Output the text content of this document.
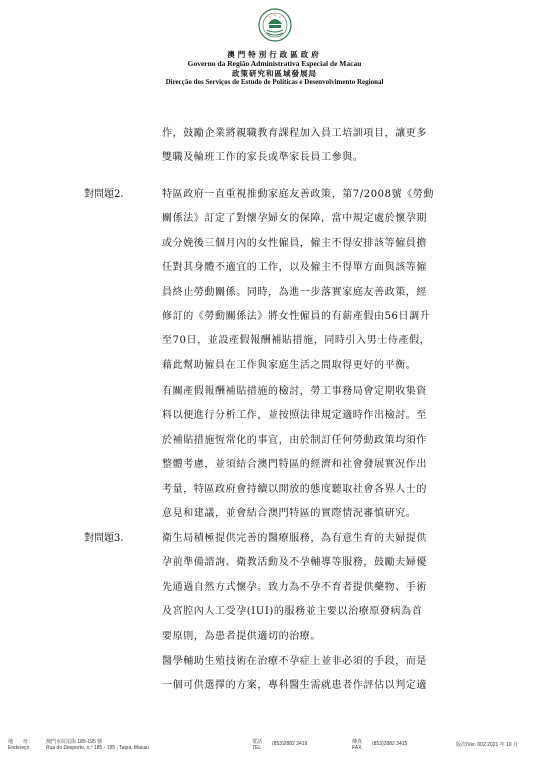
澳門特別行政區政府
Governo da Região Administrativa Especial de Macau
政策研究和區域發展局
Direcção dos Serviços de Estudo de Políticas e Desenvolvimento Regional
作，鼓勵企業將親職教育課程加入員工培訓項目，讓更多
雙職及輪班工作的家長或準家長員工參與。
對問題2.	特區政府一直重視推動家庭友善政策，第7/2008號《勞動
關係法》訂定了對懷孕婦女的保障，當中規定處於懷孕期
或分娩後三個月內的女性僱員，僱主不得安排該等僱員擔
任對其身體不適宜的工作，以及僱主不得單方面與該等僱
員終止勞動關係。同時，為進一步落實家庭友善政策，經
修訂的《勞動關係法》將女性僱員的有薪產假由56日調升
至70日，並設產假報酬補貼措施，同時引入男士侍產假，
藉此幫助僱員在工作與家庭生活之間取得更好的平衡。
有關產假報酬補貼措施的檢討，勞工事務局會定期收集資
料以便進行分析工作，並按照法律規定適時作出檢討。至
於補貼措施恆常化的事宜，由於制訂任何勞動政策均須作
整體考慮，並須結合澳門特區的經濟和社會發展實況作出
考量，特區政府會持續以開放的態度聽取社會各界人士的
意見和建議，並會結合澳門特區的實際情況審慎研究。
對問題3.	衛生局積極提供完善的醫療服務，為有意生育的夫婦提供
孕前準備諮詢、衛教活動及不孕輔導等服務，鼓勵夫婦優
先通過自然方式懷孕。致力為不孕不育者提供藥物、手術
及宮腔內人工受孕(IUI)的服務並主要以治療原發病為首
要原則，為患者提供適切的治療。
醫學輔助生殖技術在治療不孕症上並非必須的手段，而是
一個可供選擇的方案，專科醫生需就患者作評估以判定適
地　　址：
Endereço
澳門水坑尾街 185-195 號
Rua do Desporto, n.º 185 - 195 , Taipa, Macau
電話
TEL.
(853)2882 3419	傳真
FAX.
(853)2882 3415	版次/Ver. 002 2021 年 10 月
